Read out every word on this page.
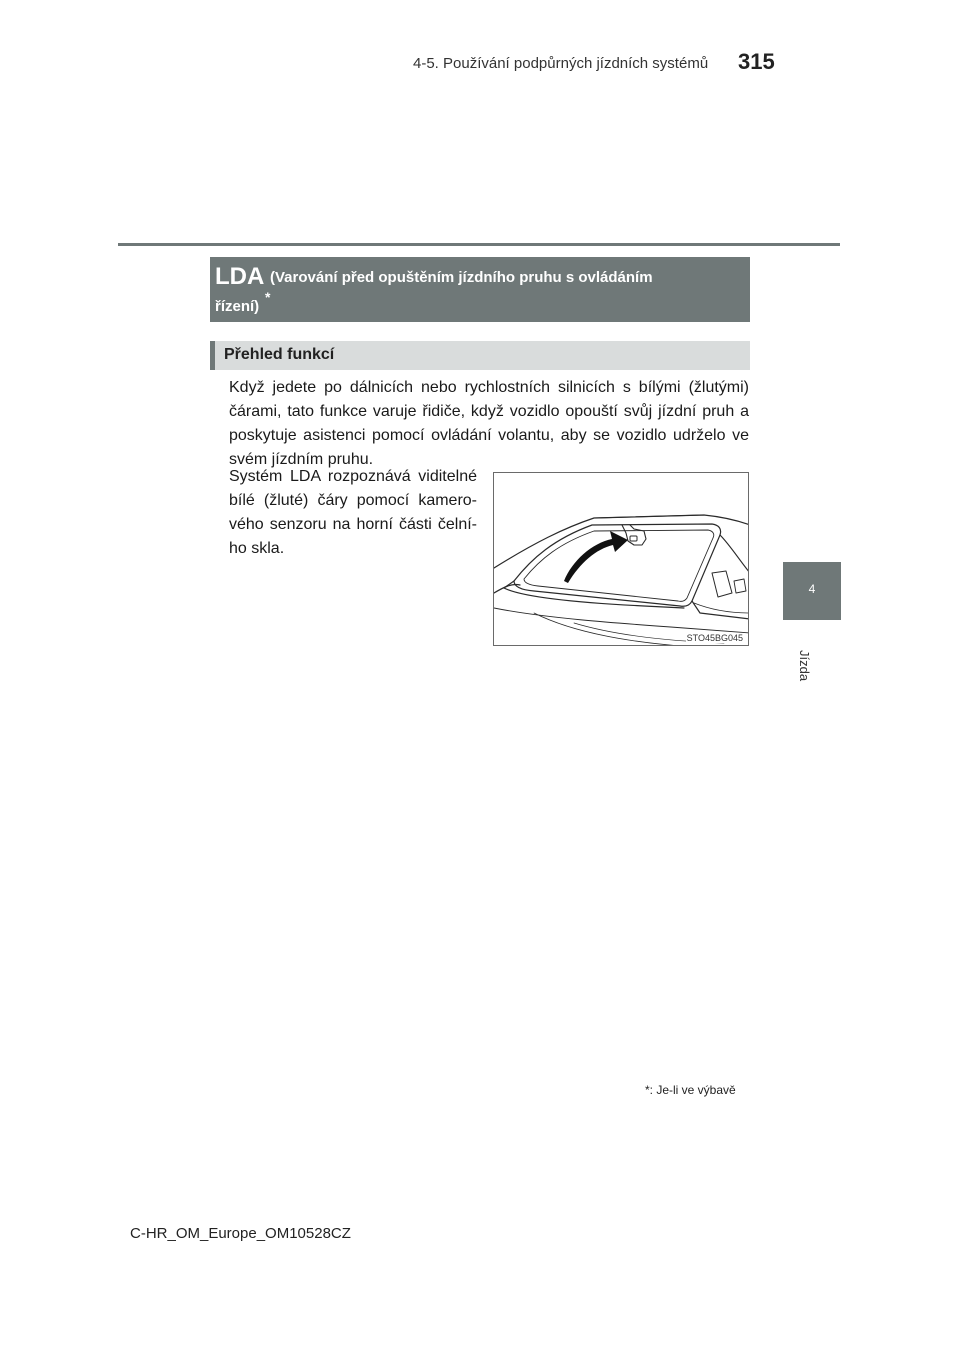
4-5. Používání podpůrných jízdních systémů 315
4
Jízda
LDA (Varování před opuštěním jízdního pruhu s ovládáním
řízení)
*
Přehled funkcí
Když jedete po dálnicích nebo rychlostních silnicích s bílými (žlutými) čárami, tato funkce varuje řidiče, když vozidlo opouští svůj jízdní pruh a poskytuje asistenci pomocí ovládání volantu, aby se vozidlo udrželo ve svém jízdním pruhu.
Systém LDA rozpoznává viditelné bílé (žluté) čáry pomocí kamerového senzoru na horní části čelního skla.
STO45BG045
*: Je-li ve výbavě
C-HR_OM_Europe_OM10528CZ
